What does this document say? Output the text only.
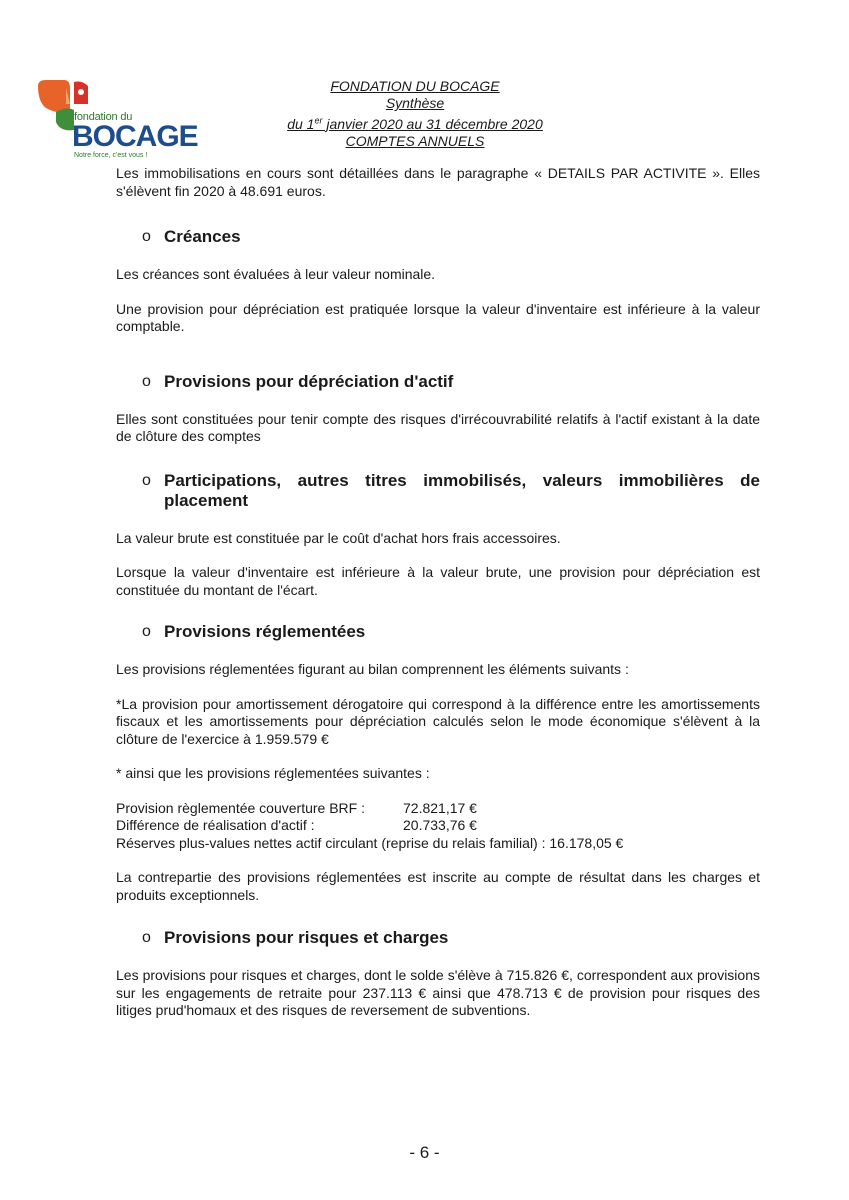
fondation du
BOCAGE
Notre force, c'est vous !
FONDATION DU BOCAGE
Synthèse
du 1er janvier 2020 au 31 décembre 2020
COMPTES ANNUELS

Les immobilisations en cours sont détaillées dans le paragraphe « DETAILS PAR ACTIVITE ». Elles s'élèvent fin 2020 à 48.691 euros.

o Créances

Les créances sont évaluées à leur valeur nominale.

Une provision pour dépréciation est pratiquée lorsque la valeur d'inventaire est inférieure à la valeur comptable.

o Provisions pour dépréciation d'actif

Elles sont constituées pour tenir compte des risques d'irrécouvrabilité relatifs à l'actif existant à la date de clôture des comptes

o Participations, autres titres immobilisés, valeurs immobilières de placement

La valeur brute est constituée par le coût d'achat hors frais accessoires.

Lorsque la valeur d'inventaire est inférieure à la valeur brute, une provision pour dépréciation est constituée du montant de l'écart.

o Provisions réglementées

Les provisions réglementées figurant au bilan comprennent les éléments suivants :

*La provision pour amortissement dérogatoire qui correspond à la différence entre les amortissements fiscaux et les amortissements pour dépréciation calculés selon le mode économique s'élèvent à la clôture de l'exercice à 1.959.579 €

* ainsi que les provisions réglementées suivantes :

Provision règlementée couverture BRF :	72.821,17 €
Différence de réalisation d'actif :	20.733,76 €

Réserves plus-values nettes actif circulant (reprise du relais familial) : 16.178,05 €

La contrepartie des provisions réglementées est inscrite au compte de résultat dans les charges et produits exceptionnels.

o Provisions pour risques et charges

Les provisions pour risques et charges, dont le solde s'élève à 715.826 €, correspondent aux provisions sur les engagements de retraite pour 237.113 € ainsi que 478.713 € de provision pour risques des litiges prud'homaux et des risques de reversement de subventions.

- 6 -
